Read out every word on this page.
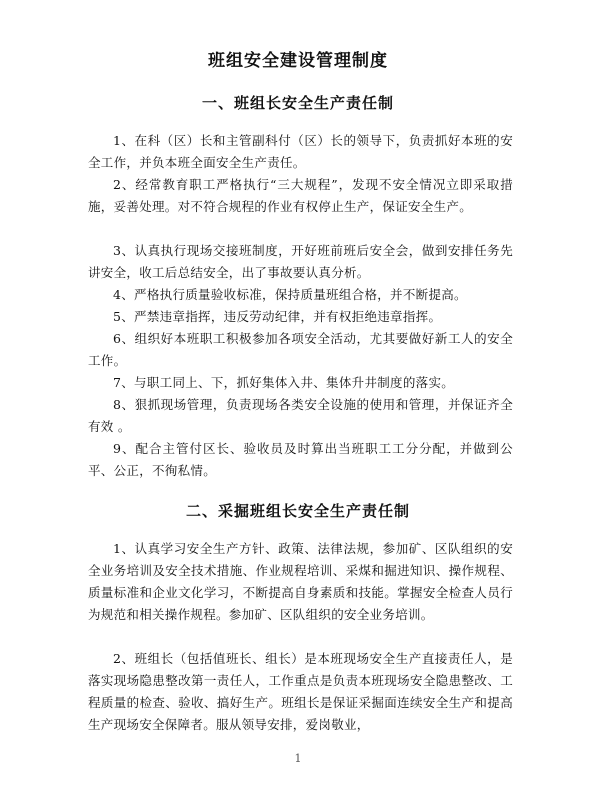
班组安全建设管理制度
一、班组长安全生产责任制
1、在科（区）长和主管副科付（区）长的领导下，负责抓好本班的安全工作，并负本班全面安全生产责任。
2、经常教育职工严格执行“三大规程”，发现不安全情况立即采取措施，妥善处理。对不符合规程的作业有权停止生产，保证安全生产。
3、认真执行现场交接班制度，开好班前班后安全会，做到安排任务先讲安全，收工后总结安全，出了事故要认真分析。
4、严格执行质量验收标准，保持质量班组合格，并不断提高。
5、严禁违章指挥，违反劳动纪律，并有权拒绝违章指挥。
6、组织好本班职工积极参加各项安全活动，尤其要做好新工人的安全工作。
7、与职工同上、下，抓好集体入井、集体升井制度的落实。
8、狠抓现场管理，负责现场各类安全设施的使用和管理，并保证齐全有效 。
9、配合主管付区长、验收员及时算出当班职工工分分配，并做到公平、公正，不徇私情。
二、采掘班组长安全生产责任制
1、认真学习安全生产方针、政策、法律法规，参加矿、区队组织的安全业务培训及安全技术措施、作业规程培训、采煤和掘进知识、操作规程、质量标准和企业文化学习，不断提高自身素质和技能。掌握安全检查人员行为规范和相关操作规程。参加矿、区队组织的安全业务培训。
2、班组长（包括值班长、组长）是本班现场安全生产直接责任人，是落实现场隐患整改第一责任人，工作重点是负责本班现场安全隐患整改、工程质量的检查、验收、搞好生产。班组长是保证采掘面连续安全生产和提高生产现场安全保障者。服从领导安排，爱岗敬业，
1
